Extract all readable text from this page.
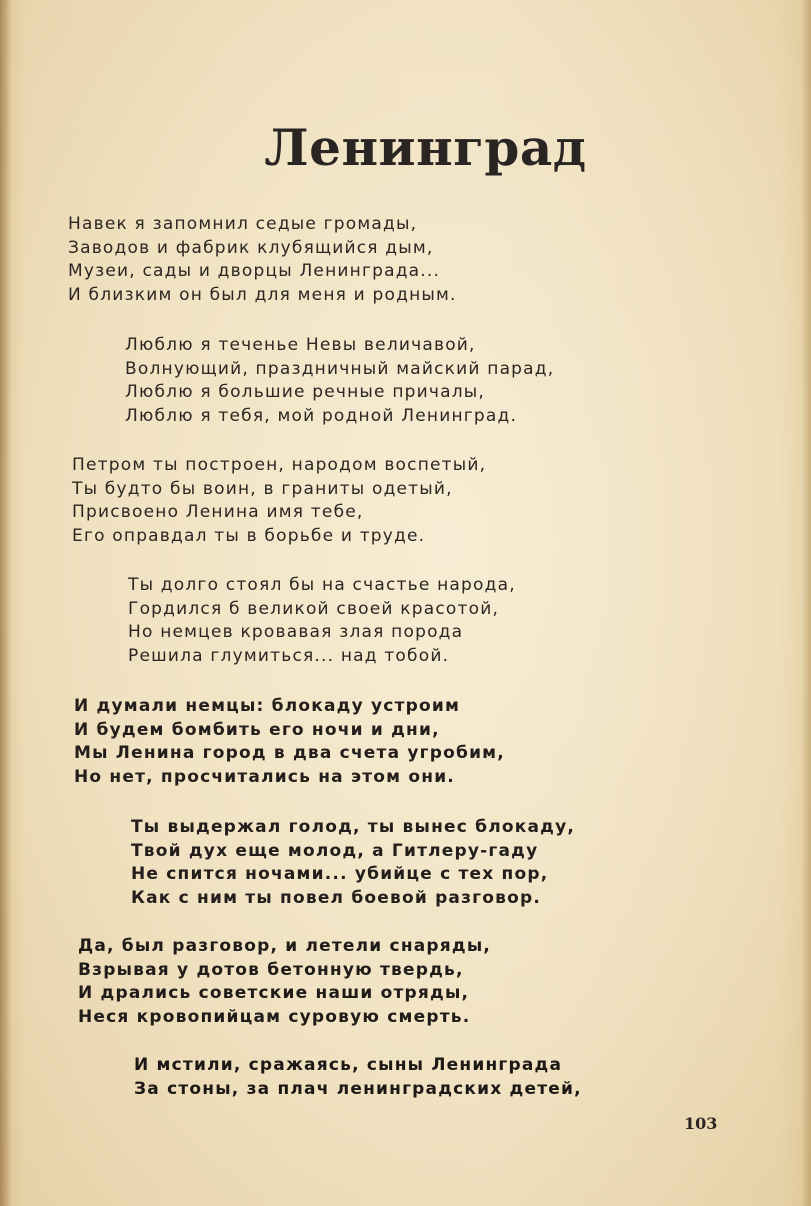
Ленинград
Навек я запомнил седые громады,
Заводов и фабрик клубящийся дым,
Музеи, сады и дворцы Ленинграда...
И близким он был для меня и родным.
Люблю я теченье Невы величавой,
Волнующий, праздничный майский парад,
Люблю я большие речные причалы,
Люблю я тебя, мой родной Ленинград.
Петром ты построен, народом воспетый,
Ты будто бы воин, в граниты одетый,
Присвоено Ленина имя тебе,
Его оправдал ты в борьбе и труде.
Ты долго стоял бы на счастье народа,
Гордился б великой своей красотой,
Но немцев кровавая злая порода
Решила глумиться... над тобой.
И думали немцы: блокаду устроим
И будем бомбить его ночи и дни,
Мы Ленина город в два счета угробим,
Но нет, просчитались на этом они.
Ты выдержал голод, ты вынес блокаду,
Твой дух еще молод, а Гитлеру-гаду
Не спится ночами... убийце с тех пор,
Как с ним ты повел боевой разговор.
Да, был разговор, и летели снаряды,
Взрывая у дотов бетонную твердь,
И дрались советские наши отряды,
Неся кровопийцам суровую смерть.
И мстили, сражаясь, сыны Ленинграда
За стоны, за плач ленинградских детей,
103
